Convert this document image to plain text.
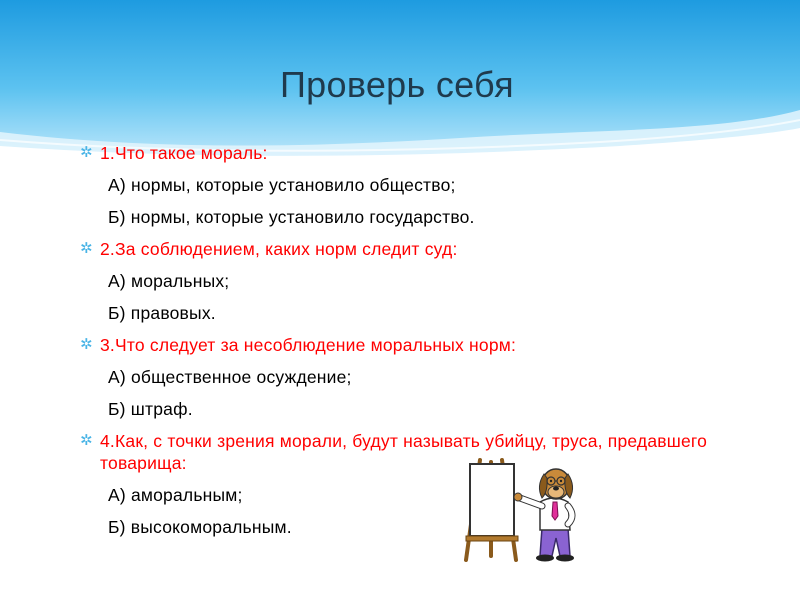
Проверь себя
✲ 1.Что такое мораль:
А) нормы, которые установило общество;
Б) нормы, которые установило государство.
✲ 2.За соблюдением, каких норм следит суд:
А) моральных;
Б) правовых.
✲ 3.Что следует за несоблюдение моральных норм:
А) общественное осуждение;
Б) штраф.
✲ 4.Как, с точки зрения морали, будут называть убийцу, труса, предавшего товарища:
А) аморальным;
Б) высокоморальным.
